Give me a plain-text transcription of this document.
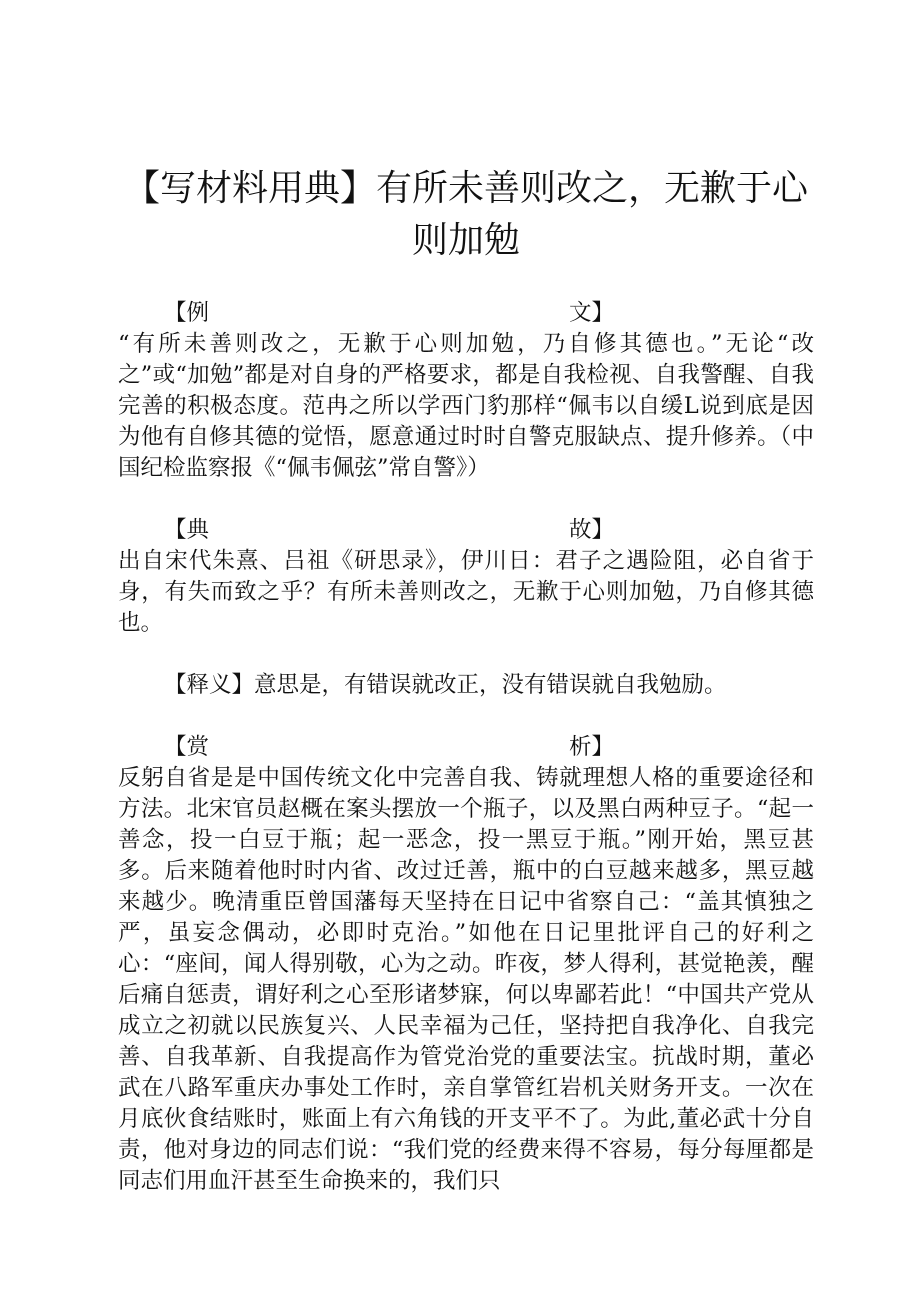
【写材料用典】有所未善则改之，无歉于心则加勉
【例	文】

“有所未善则改之，无歉于心则加勉，乃自修其德也。”无论“改之”或“加勉”都是对自身的严格要求，都是自我检视、自我警醒、自我完善的积极态度。范冉之所以学西门豹那样“佩韦以自缓L说到底是因为他有自修其德的觉悟，愿意通过时时自警克服缺点、提升修养。（中国纪检监察报《“佩韦佩弦”常自警》）

【典	故】

出自宋代朱熹、吕祖《研思录》，伊川日：君子之遇险阻，必自省于身，有失而致之乎？有所未善则改之，无歉于心则加勉，乃自修其德也。

【释义】意思是，有错误就改正，没有错误就自我勉励。

【赏	析】

反躬自省是是中国传统文化中完善自我、铸就理想人格的重要途径和方法。北宋官员赵概在案头摆放一个瓶子，以及黑白两种豆子。“起一善念，投一白豆于瓶；起一恶念，投一黑豆于瓶。”刚开始，黑豆甚多。后来随着他时时内省、改过迁善，瓶中的白豆越来越多，黑豆越来越少。晚清重臣曾国藩每天坚持在日记中省察自己：“盖其慎独之严，虽妄念偶动，必即时克治。”如他在日记里批评自己的好利之心：“座间，闻人得别敬，心为之动。昨夜，梦人得利，甚觉艳羡，醒后痛自惩责，谓好利之心至形诸梦寐，何以卑鄙若此！“中国共产党从成立之初就以民族复兴、人民幸福为己任，坚持把自我净化、自我完善、自我革新、自我提高作为管党治党的重要法宝。抗战时期，董必武在八路军重庆办事处工作时，亲自掌管红岩机关财务开支。一次在月底伙食结账时，账面上有六角钱的开支平不了。为此,董必武十分自责，他对身边的同志们说：“我们党的经费来得不容易，每分每厘都是同志们用血汗甚至生命换来的，我们只
